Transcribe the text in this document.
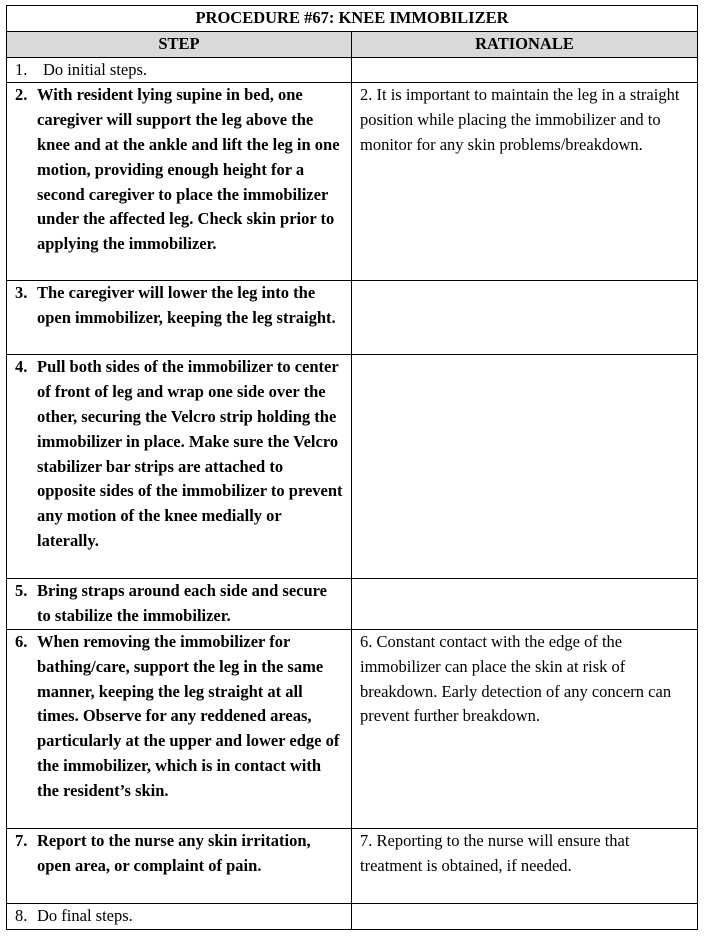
PROCEDURE #67: KNEE IMMOBILIZER	
STEP	RATIONALE

1. Do initial steps.	

2. With resident lying supine in bed, one caregiver will support the leg above the knee and at the ankle and lift the leg in one motion, providing enough height for a second caregiver to place the immobilizer under the affected leg. Check skin prior to applying the immobilizer.	2. It is important to maintain the leg in a straight position while placing the immobilizer and to monitor for any skin problems/breakdown.

3. The caregiver will lower the leg into the open immobilizer, keeping the leg straight.	

4. Pull both sides of the immobilizer to center of front of leg and wrap one side over the other, securing the Velcro strip holding the immobilizer in place. Make sure the Velcro stabilizer bar strips are attached to opposite sides of the immobilizer to prevent any motion of the knee medially or laterally.	

5. Bring straps around each side and secure to stabilize the immobilizer.	

6. When removing the immobilizer for bathing/care, support the leg in the same manner, keeping the leg straight at all times. Observe for any reddened areas, particularly at the upper and lower edge of the immobilizer, which is in contact with the resident’s skin.	6. Constant contact with the edge of the immobilizer can place the skin at risk of breakdown. Early detection of any concern can prevent further breakdown.

7. Report to the nurse any skin irritation, open area, or complaint of pain.	7. Reporting to the nurse will ensure that treatment is obtained, if needed.

8. Do final steps.	
